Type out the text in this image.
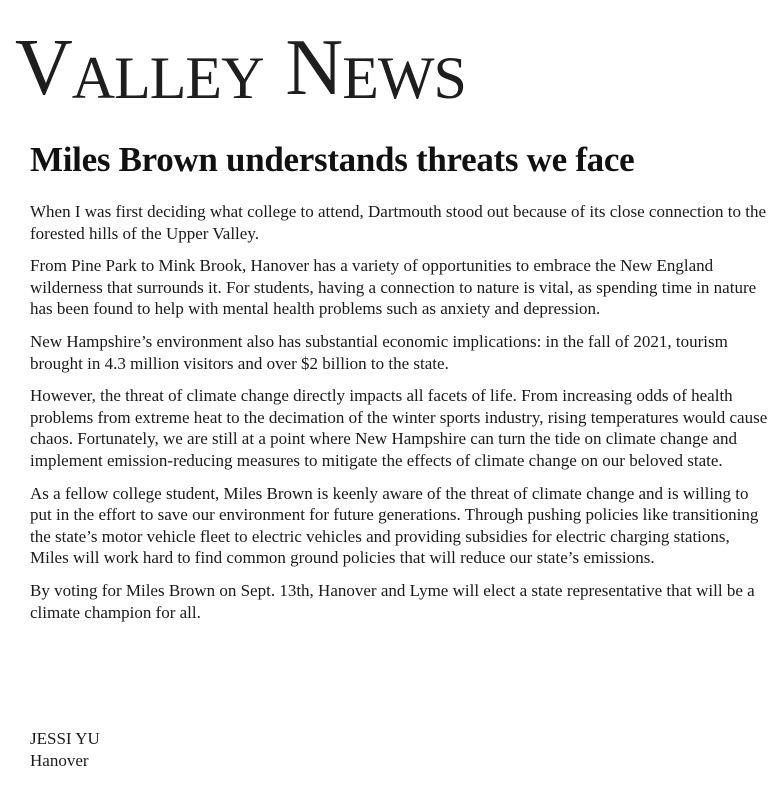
V ALLEY N EWS
Miles Brown understands threats we face

When I was first deciding what college to attend, Dartmouth stood out because of its close connection to the forested hills of the Upper Valley.

From Pine Park to Mink Brook, Hanover has a variety of opportunities to embrace the New England wilderness that surrounds it. For students, having a connection to nature is vital, as spending time in nature has been found to help with mental health problems such as anxiety and depression.

New Hampshire’s environment also has substantial economic implications: in the fall of 2021, tourism brought in 4.3 million visitors and over $2 billion to the state.

However, the threat of climate change directly impacts all facets of life. From increasing odds of health problems from extreme heat to the decimation of the winter sports industry, rising temperatures would cause chaos. Fortunately, we are still at a point where New Hampshire can turn the tide on climate change and implement emission-reducing measures to mitigate the effects of climate change on our beloved state.

As a fellow college student, Miles Brown is keenly aware of the threat of climate change and is willing to put in the effort to save our environment for future generations. Through pushing policies like transitioning the state’s motor vehicle fleet to electric vehicles and providing subsidies for electric charging stations, Miles will work hard to find common ground policies that will reduce our state’s emissions.

By voting for Miles Brown on Sept. 13th, Hanover and Lyme will elect a state representative that will be a climate champion for all.

JESSI YU
Hanover
